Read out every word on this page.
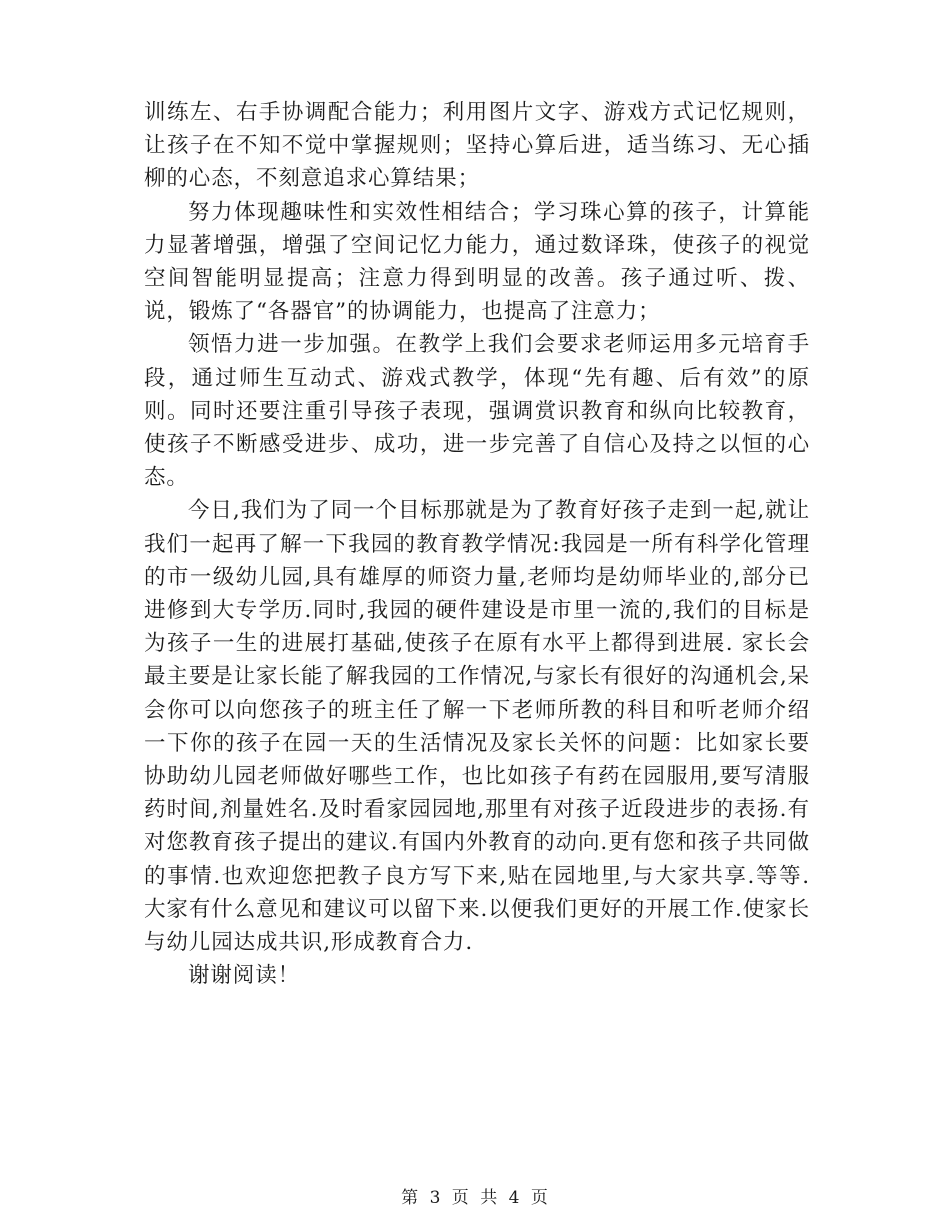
训练左、右手协调配合能力；利用图片文字、游戏方式记忆规则，让孩子在不知不觉中掌握规则；坚持心算后进，适当练习、无心插柳的心态，不刻意追求心算结果；

努力体现趣味性和实效性相结合；学习珠心算的孩子，计算能力显著增强，增强了空间记忆力能力，通过数译珠，使孩子的视觉空间智能明显提高；注意力得到明显的改善。孩子通过听、拨、说，锻炼了“各器官”的协调能力，也提高了注意力；

领悟力进一步加强。在教学上我们会要求老师运用多元培育手段，通过师生互动式、游戏式教学，体现“先有趣、后有效”的原则。同时还要注重引导孩子表现，强调赏识教育和纵向比较教育，使孩子不断感受进步、成功，进一步完善了自信心及持之以恒的心态。

今日,我们为了同一个目标那就是为了教育好孩子走到一起,就让我们一起再了解一下我园的教育教学情况:我园是一所有科学化管理的市一级幼儿园,具有雄厚的师资力量,老师均是幼师毕业的,部分已进修到大专学历.同时,我园的硬件建设是市里一流的,我们的目标是为孩子一生的进展打基础,使孩子在原有水平上都得到进展. 家长会最主要是让家长能了解我园的工作情况,与家长有很好的沟通机会,呆会你可以向您孩子的班主任了解一下老师所教的科目和听老师介绍一下你的孩子在园一天的生活情况及家长关怀的问题：比如家长要协助幼儿园老师做好哪些工作，也比如孩子有药在园服用,要写清服药时间,剂量姓名.及时看家园园地,那里有对孩子近段进步的表扬.有对您教育孩子提出的建议.有国内外教育的动向.更有您和孩子共同做的事情.也欢迎您把教子良方写下来,贴在园地里,与大家共享.等等. 大家有什么意见和建议可以留下来.以便我们更好的开展工作.使家长与幼儿园达成共识,形成教育合力.

谢谢阅读！

第 3 页 共 4 页
